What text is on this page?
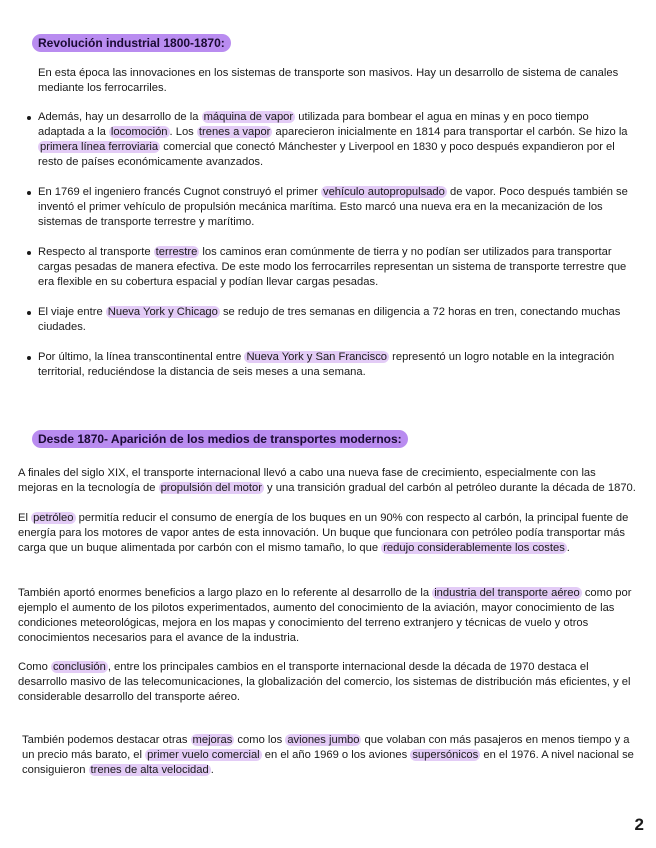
Revolución industrial 1800-1870:

En esta época las innovaciones en los sistemas de transporte son masivos. Hay un desarrollo de sistema de canales mediante los ferrocarriles.

Además, hay un desarrollo de la máquina de vapor utilizada para bombear el agua en minas y en poco tiempo adaptada a la locomoción . Los trenes a vapor aparecieron inicialmente en 1814 para transportar el carbón. Se hizo la primera línea ferroviaria comercial que conectó Mánchester y Liverpool en 1830 y poco después expandieron por el resto de países económicamente avanzados.
En 1769 el ingeniero francés Cugnot construyó el primer vehículo autopropulsado de vapor. Poco después también se inventó el primer vehículo de propulsión mecánica marítima. Esto marcó una nueva era en la mecanización de los sistemas de transporte terrestre y marítimo.
Respecto al transporte terrestre los caminos eran comúnmente de tierra y no podían ser utilizados para transportar cargas pesadas de manera efectiva. De este modo los ferrocarriles representan un sistema de transporte terrestre que era flexible en su cobertura espacial y podían llevar cargas pesadas.
El viaje entre Nueva York y Chicago se redujo de tres semanas en diligencia a 72 horas en tren, conectando muchas ciudades.
Por último, la línea transcontinental entre Nueva York y San Francisco representó un logro notable en la integración territorial, reduciéndose la distancia de seis meses a una semana.
Desde 1870- Aparición de los medios de transportes modernos:

A finales del siglo XIX, el transporte internacional llevó a cabo una nueva fase de crecimiento, especialmente con las mejoras en la tecnología de propulsión del motor y una transición gradual del carbón al petróleo durante la década de 1870.

El petróleo permitía reducir el consumo de energía de los buques en un 90% con respecto al carbón, la principal fuente de energía para los motores de vapor antes de esta innovación. Un buque que funcionara con petróleo podía transportar más carga que un buque alimentada por carbón con el mismo tamaño, lo que redujo considerablemente los costes .

También aportó enormes beneficios a largo plazo en lo referente al desarrollo de la industria del transporte aéreo como por ejemplo el aumento de los pilotos experimentados, aumento del conocimiento de la aviación, mayor conocimiento de las condiciones meteorológicas, mejora en los mapas y conocimiento del terreno extranjero y técnicas de vuelo y otros conocimientos necesarios para el avance de la industria.

Como conclusión , entre los principales cambios en el transporte internacional desde la década de 1970 destaca el desarrollo masivo de las telecomunicaciones, la globalización del comercio, los sistemas de distribución más eficientes, y el considerable desarrollo del transporte aéreo.

También podemos destacar otras mejoras como los aviones jumbo que volaban con más pasajeros en menos tiempo y a un precio más barato, el primer vuelo comercial en el año 1969 o los aviones supersónicos en el 1976. A nivel nacional se consiguieron trenes de alta velocidad .

2
